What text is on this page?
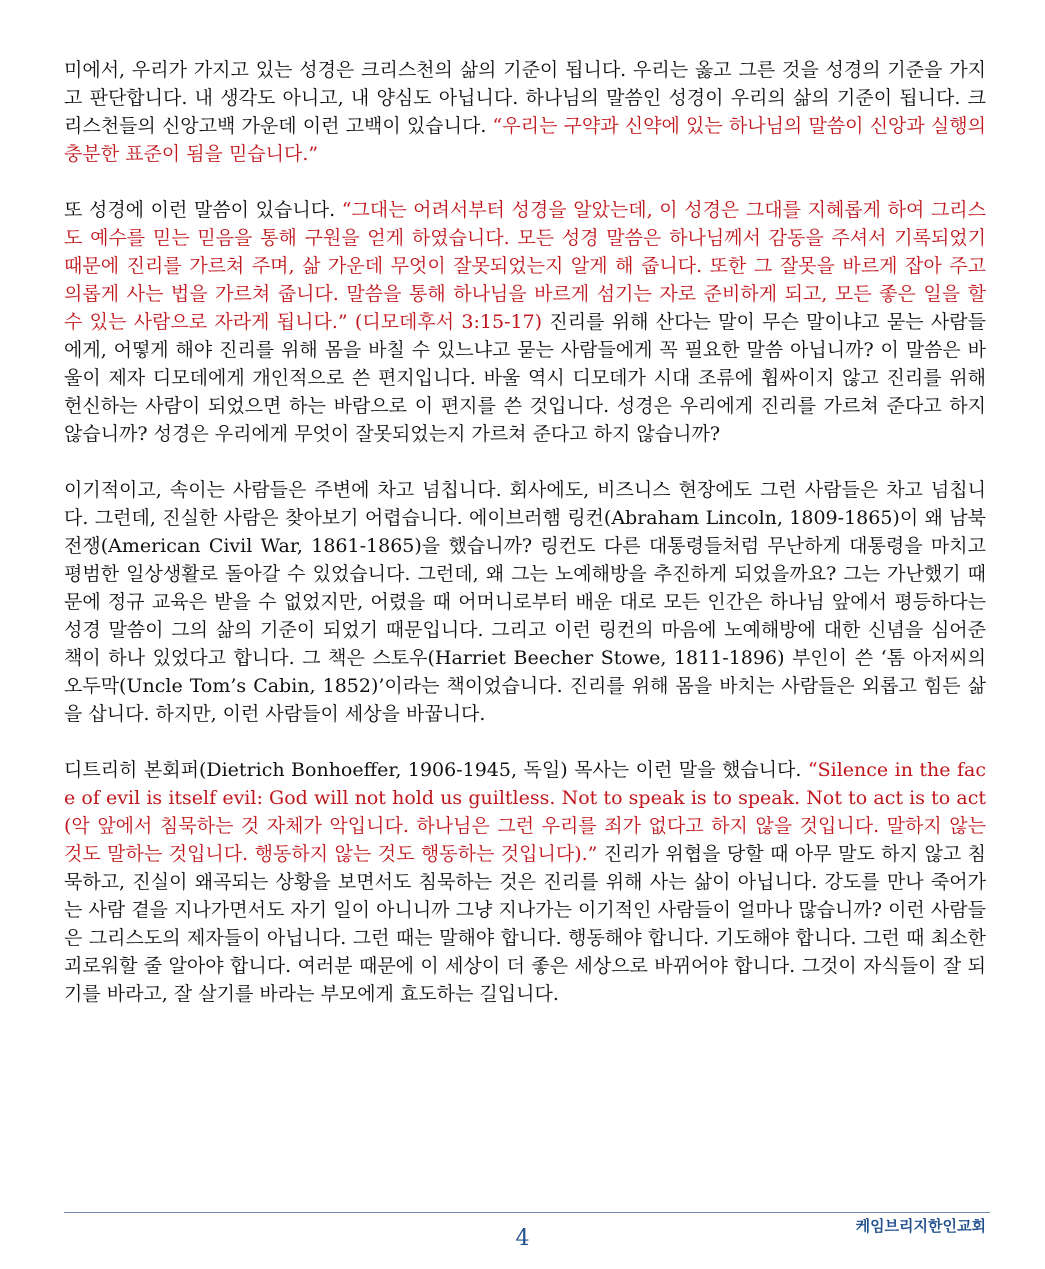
미에서, 우리가 가지고 있는 성경은 크리스천의 삶의 기준이 됩니다. 우리는 옳고 그른 것을 성경의 기준을 가지고 판단합니다. 내 생각도 아니고, 내 양심도 아닙니다. 하나님의 말씀인 성경이 우리의 삶의 기준이 됩니다. 크리스천들의 신앙고백 가운데 이런 고백이 있습니다. “우리는 구약과 신약에 있는 하나님의 말씀이 신앙과 실행의 충분한 표준이 됨을 믿습니다.”

또 성경에 이런 말씀이 있습니다. “그대는 어려서부터 성경을 알았는데, 이 성경은 그대를 지혜롭게 하여 그리스도 예수를 믿는 믿음을 통해 구원을 얻게 하였습니다. 모든 성경 말씀은 하나님께서 감동을 주셔서 기록되었기 때문에 진리를 가르쳐 주며, 삶 가운데 무엇이 잘못되었는지 알게 해 줍니다. 또한 그 잘못을 바르게 잡아 주고 의롭게 사는 법을 가르쳐 줍니다. 말씀을 통해 하나님을 바르게 섬기는 자로 준비하게 되고, 모든 좋은 일을 할 수 있는 사람으로 자라게 됩니다.” (디모데후서 3:15-17) 진리를 위해 산다는 말이 무슨 말이냐고 묻는 사람들에게, 어떻게 해야 진리를 위해 몸을 바칠 수 있느냐고 묻는 사람들에게 꼭 필요한 말씀 아닙니까? 이 말씀은 바울이 제자 디모데에게 개인적으로 쓴 편지입니다. 바울 역시 디모데가 시대 조류에 휩싸이지 않고 진리를 위해 헌신하는 사람이 되었으면 하는 바람으로 이 편지를 쓴 것입니다. 성경은 우리에게 진리를 가르쳐 준다고 하지 않습니까? 성경은 우리에게 무엇이 잘못되었는지 가르쳐 준다고 하지 않습니까?

이기적이고, 속이는 사람들은 주변에 차고 넘칩니다. 회사에도, 비즈니스 현장에도 그런 사람들은 차고 넘칩니다. 그런데, 진실한 사람은 찾아보기 어렵습니다. 에이브러햄 링컨(Abraham Lincoln, 1809-1865)이 왜 남북전쟁(American Civil War, 1861-1865)을 했습니까? 링컨도 다른 대통령들처럼 무난하게 대통령을 마치고 평범한 일상생활로 돌아갈 수 있었습니다. 그런데, 왜 그는 노예해방을 추진하게 되었을까요? 그는 가난했기 때문에 정규 교육은 받을 수 없었지만, 어렸을 때 어머니로부터 배운 대로 모든 인간은 하나님 앞에서 평등하다는 성경 말씀이 그의 삶의 기준이 되었기 때문입니다. 그리고 이런 링컨의 마음에 노예해방에 대한 신념을 심어준 책이 하나 있었다고 합니다. 그 책은 스토우(Harriet Beecher Stowe, 1811-1896) 부인이 쓴 ‘톰 아저씨의 오두막(Uncle Tom’s Cabin, 1852)’이라는 책이었습니다. 진리를 위해 몸을 바치는 사람들은 외롭고 힘든 삶을 삽니다. 하지만, 이런 사람들이 세상을 바꿉니다.

디트리히 본회퍼(Dietrich Bonhoeffer, 1906-1945, 독일) 목사는 이런 말을 했습니다. “Silence in the face of evil is itself evil: God will not hold us guiltless. Not to speak is to speak. Not to act is to act(악 앞에서 침묵하는 것 자체가 악입니다. 하나님은 그런 우리를 죄가 없다고 하지 않을 것입니다. 말하지 않는 것도 말하는 것입니다. 행동하지 않는 것도 행동하는 것입니다).” 진리가 위협을 당할 때 아무 말도 하지 않고 침묵하고, 진실이 왜곡되는 상황을 보면서도 침묵하는 것은 진리를 위해 사는 삶이 아닙니다. 강도를 만나 죽어가는 사람 곁을 지나가면서도 자기 일이 아니니까 그냥 지나가는 이기적인 사람들이 얼마나 많습니까? 이런 사람들은 그리스도의 제자들이 아닙니다. 그런 때는 말해야 합니다. 행동해야 합니다. 기도해야 합니다. 그런 때 최소한 괴로워할 줄 알아야 합니다. 여러분 때문에 이 세상이 더 좋은 세상으로 바뀌어야 합니다. 그것이 자식들이 잘 되기를 바라고, 잘 살기를 바라는 부모에게 효도하는 길입니다.

4	케임브리지한인교회
